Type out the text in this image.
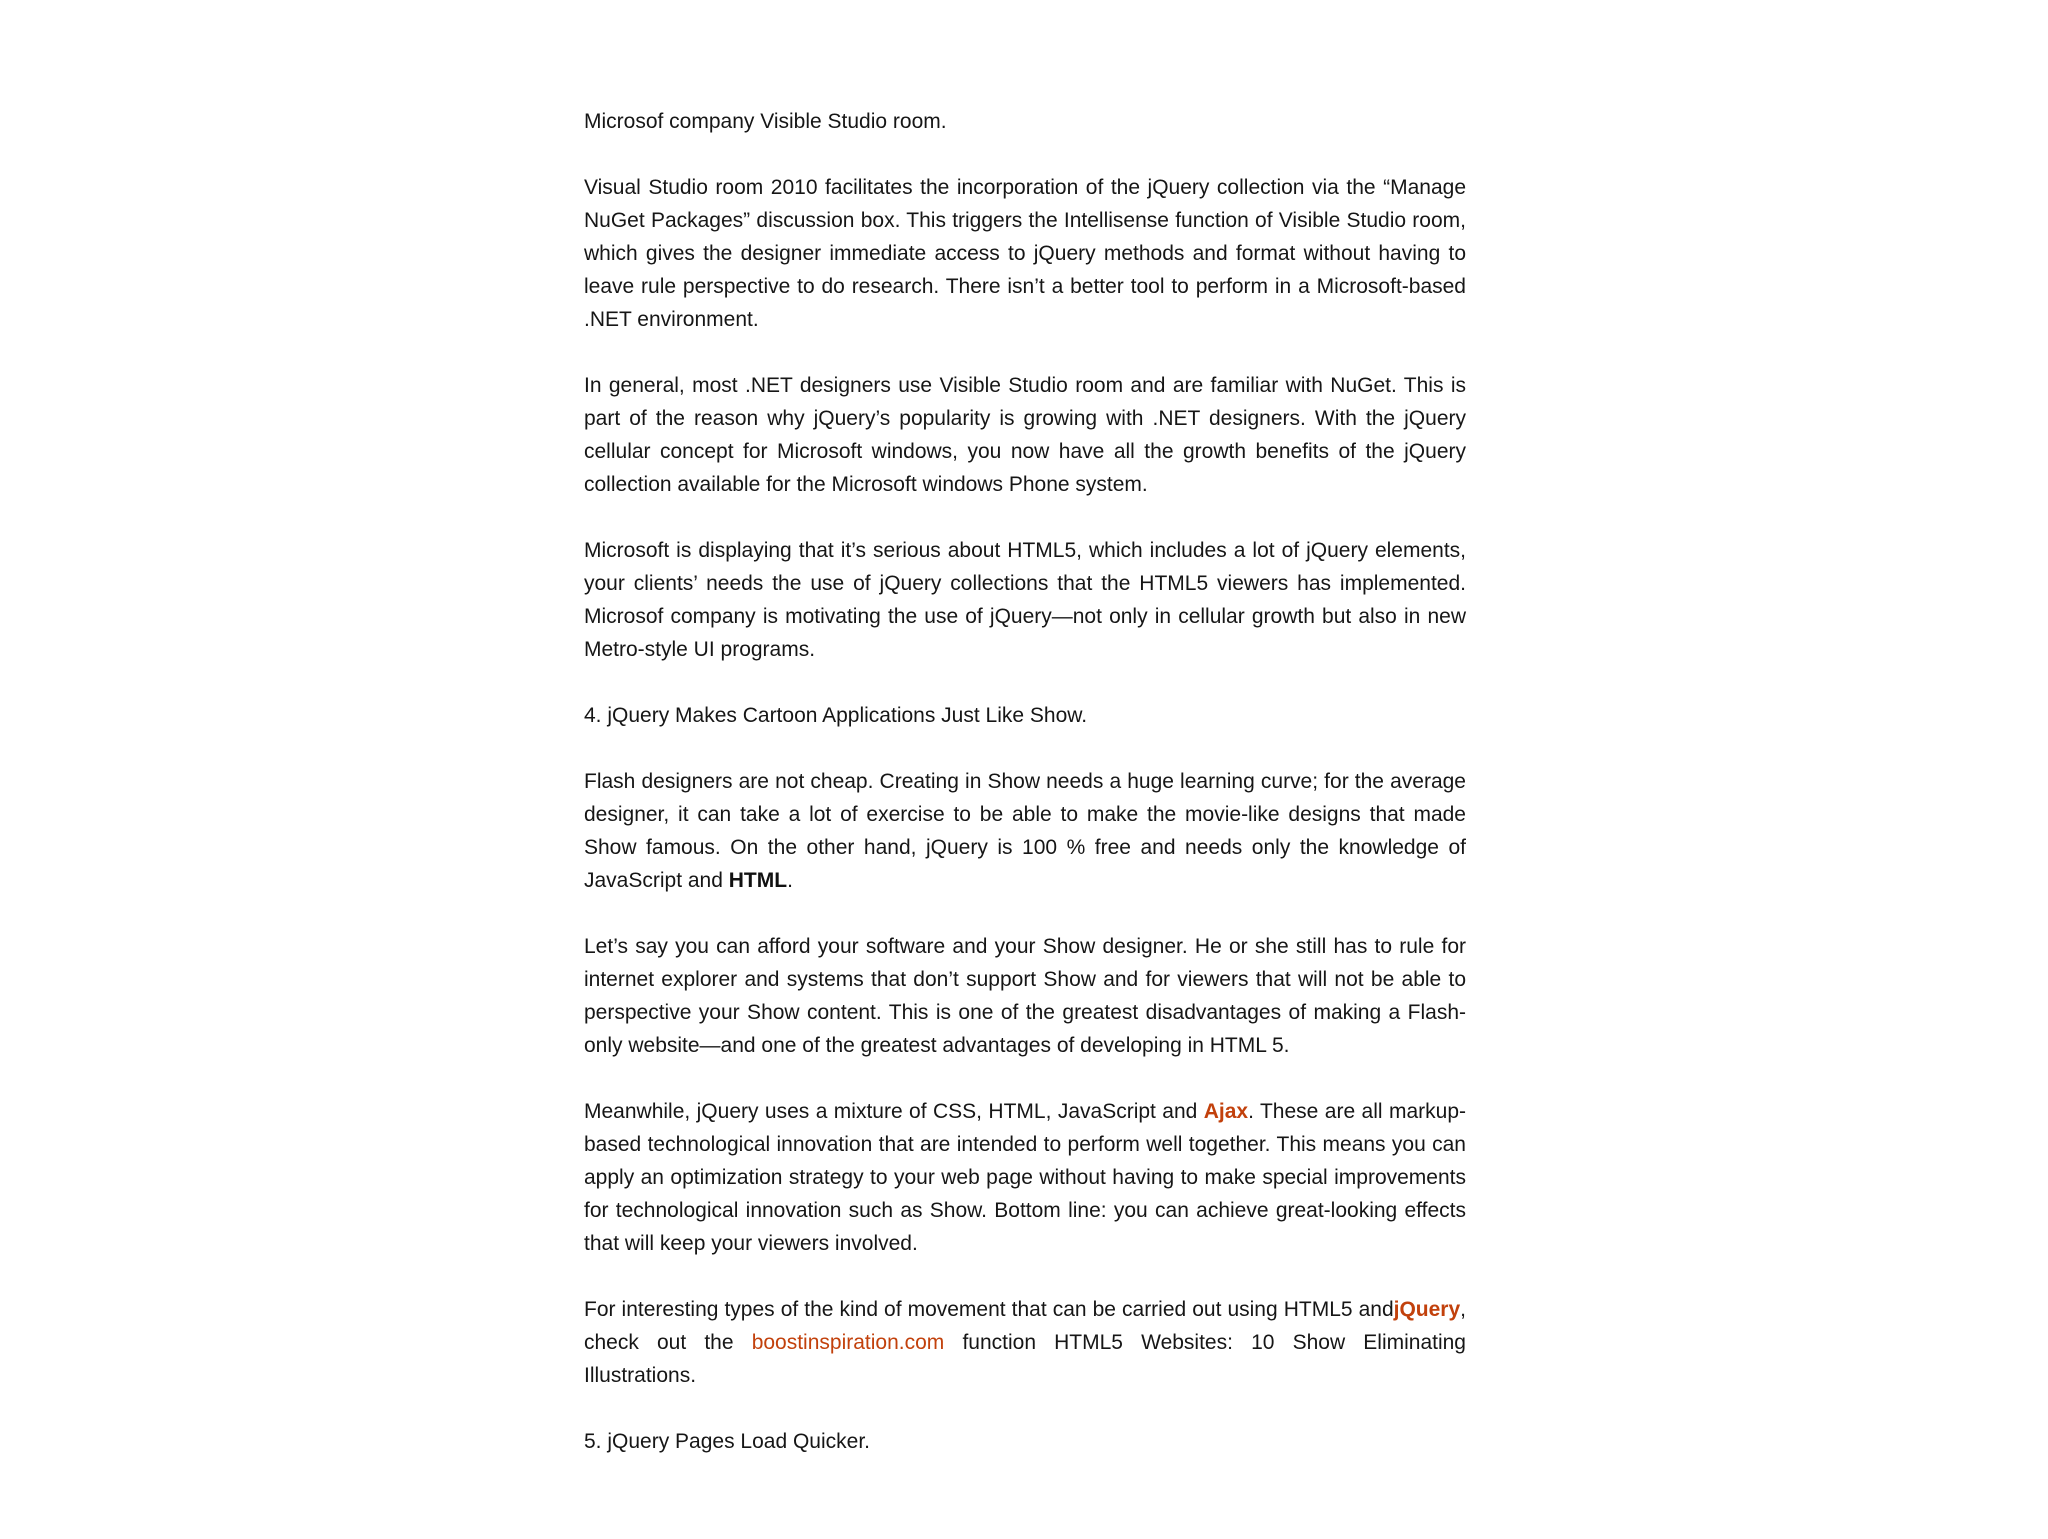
Microsof company Visible Studio room.

Visual Studio room 2010 facilitates the incorporation of the jQuery collection via the “Manage NuGet Packages” discussion box. This triggers the Intellisense function of Visible Studio room, which gives the designer immediate access to jQuery methods and format without having to leave rule perspective to do research. There isn’t a better tool to perform in a Microsoft-based .NET environment.

In general, most .NET designers use Visible Studio room and are familiar with NuGet. This is part of the reason why jQuery’s popularity is growing with .NET designers. With the jQuery cellular concept for Microsoft windows, you now have all the growth benefits of the jQuery collection available for the Microsoft windows Phone system.

Microsoft is displaying that it’s serious about HTML5, which includes a lot of jQuery elements, your clients’ needs the use of jQuery collections that the HTML5 viewers has implemented. Microsof company is motivating the use of jQuery—not only in cellular growth but also in new Metro-style UI programs.

4. jQuery Makes Cartoon Applications Just Like Show.

Flash designers are not cheap. Creating in Show needs a huge learning curve; for the average designer, it can take a lot of exercise to be able to make the movie-like designs that made Show famous. On the other hand, jQuery is 100 % free and needs only the knowledge of JavaScript and HTML.

Let’s say you can afford your software and your Show designer. He or she still has to rule for internet explorer and systems that don’t support Show and for viewers that will not be able to perspective your Show content. This is one of the greatest disadvantages of making a Flash-only website—and one of the greatest advantages of developing in HTML 5.

Meanwhile, jQuery uses a mixture of CSS, HTML, JavaScript and Ajax. These are all markup-based technological innovation that are intended to perform well together. This means you can apply an optimization strategy to your web page without having to make special improvements for technological innovation such as Show. Bottom line: you can achieve great-looking effects that will keep your viewers involved.

For interesting types of the kind of movement that can be carried out using HTML5 andjQuery, check out the boostinspiration.com function HTML5 Websites: 10 Show Eliminating Illustrations.

5. jQuery Pages Load Quicker.
